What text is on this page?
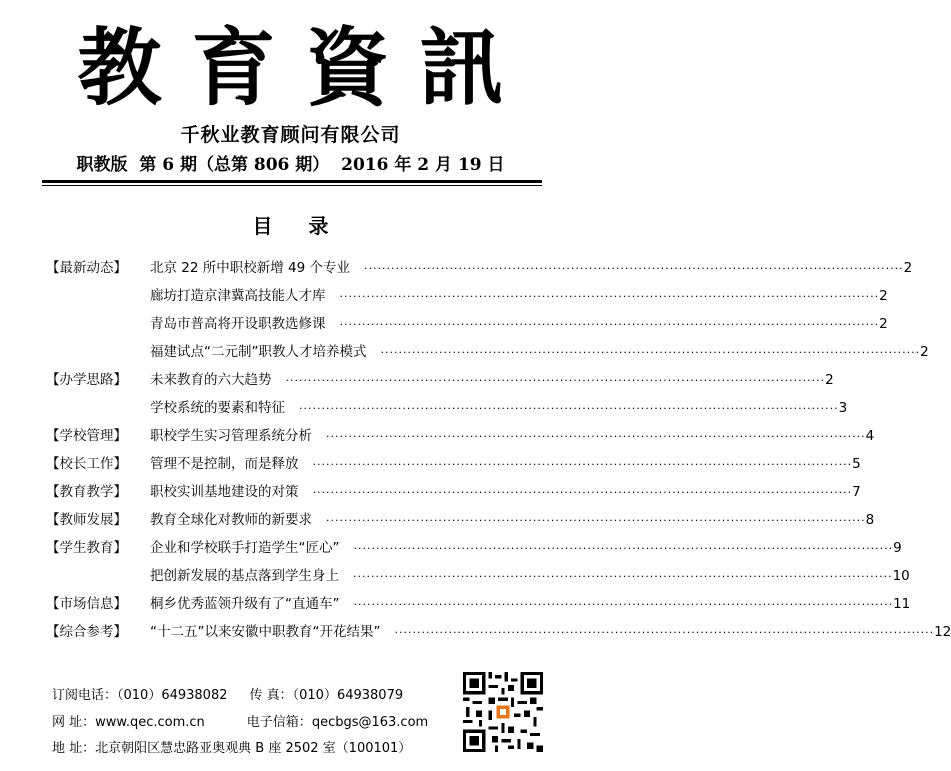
教育資訊
千秋业教育顾问有限公司
职教版  第 6 期（总第 806 期）  2016 年 2 月 19 日
目录
【最新动态】	北京 22 所中职校新增 49 个专业	························································································································ 2
廊坊打造京津冀高技能人才库	························································································································ 2
青岛市普高将开设职教选修课	························································································································ 2
福建试点“二元制”职教人才培养模式	························································································································ 2
【办学思路】	未来教育的六大趋势	························································································································ 2
学校系统的要素和特征	························································································································ 3
【学校管理】	职校学生实习管理系统分析	························································································································ 4
【校长工作】	管理不是控制，而是释放	························································································································ 5
【教育教学】	职校实训基地建设的对策	························································································································ 7
【教师发展】	教育全球化对教师的新要求	························································································································ 8
【学生教育】	企业和学校联手打造学生“匠心”	························································································································ 9
把创新发展的基点落到学生身上	························································································································ 10
【市场信息】	桐乡优秀蓝领升级有了“直通车”	························································································································ 11
【综合参考】	“十二五”以来安徽中职教育“开花结果”	························································································································ 12
订阅电话：（010）64938082 传 真：（010）64938079
网 址：www.qec.com.cn	电子信箱：qecbgs@163.com
地 址：北京朝阳区慧忠路亚奥观典 B 座 2502 室（100101）
